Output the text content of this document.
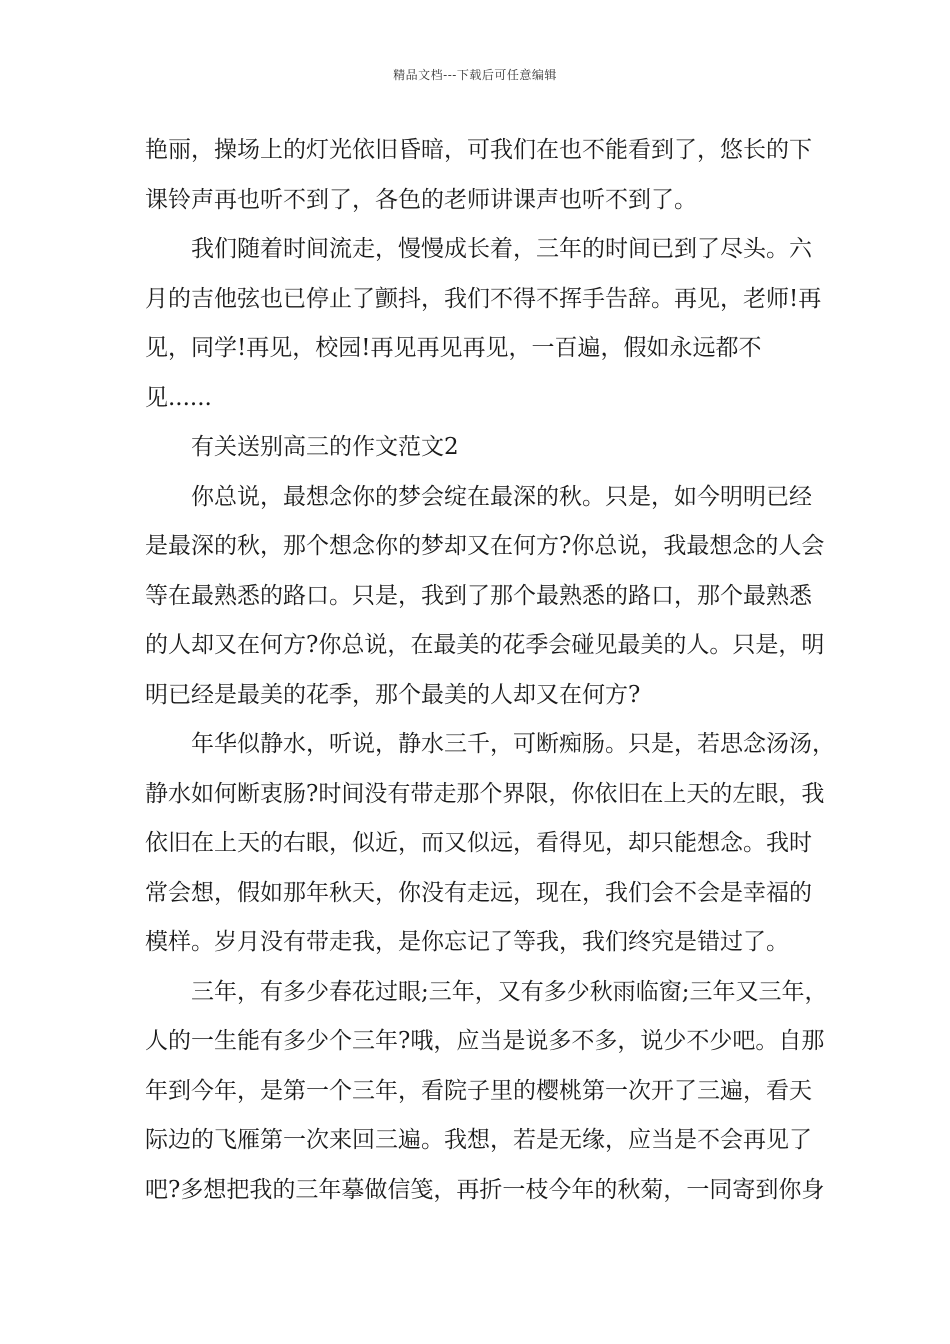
精品文档---下载后可任意编辑
艳丽，操场上的灯光依旧昏暗，可我们在也不能看到了，悠长的下
课铃声再也听不到了，各色的老师讲课声也听不到了。
我们随着时间流走，慢慢成长着，三年的时间已到了尽头。六
月的吉他弦也已停止了颤抖，我们不得不挥手告辞。再见，老师!再
见，同学!再见，校园!再见再见再见，一百遍，假如永远都不
见......
有关送别高三的作文范文2
你总说，最想念你的梦会绽在最深的秋。只是，如今明明已经
是最深的秋，那个想念你的梦却又在何方?你总说，我最想念的人会
等在最熟悉的路口。只是，我到了那个最熟悉的路口，那个最熟悉
的人却又在何方?你总说，在最美的花季会碰见最美的人。只是，明
明已经是最美的花季，那个最美的人却又在何方?
年华似静水，听说，静水三千，可断痴肠。只是，若思念汤汤，
静水如何断衷肠?时间没有带走那个界限，你依旧在上天的左眼，我
依旧在上天的右眼，似近，而又似远，看得见，却只能想念。我时
常会想，假如那年秋天，你没有走远，现在，我们会不会是幸福的
模样。岁月没有带走我，是你忘记了等我，我们终究是错过了。
三年，有多少春花过眼;三年，又有多少秋雨临窗;三年又三年，
人的一生能有多少个三年?哦，应当是说多不多，说少不少吧。自那
年到今年，是第一个三年，看院子里的樱桃第一次开了三遍，看天
际边的飞雁第一次来回三遍。我想，若是无缘，应当是不会再见了
吧?多想把我的三年摹做信笺，再折一枝今年的秋菊，一同寄到你身
